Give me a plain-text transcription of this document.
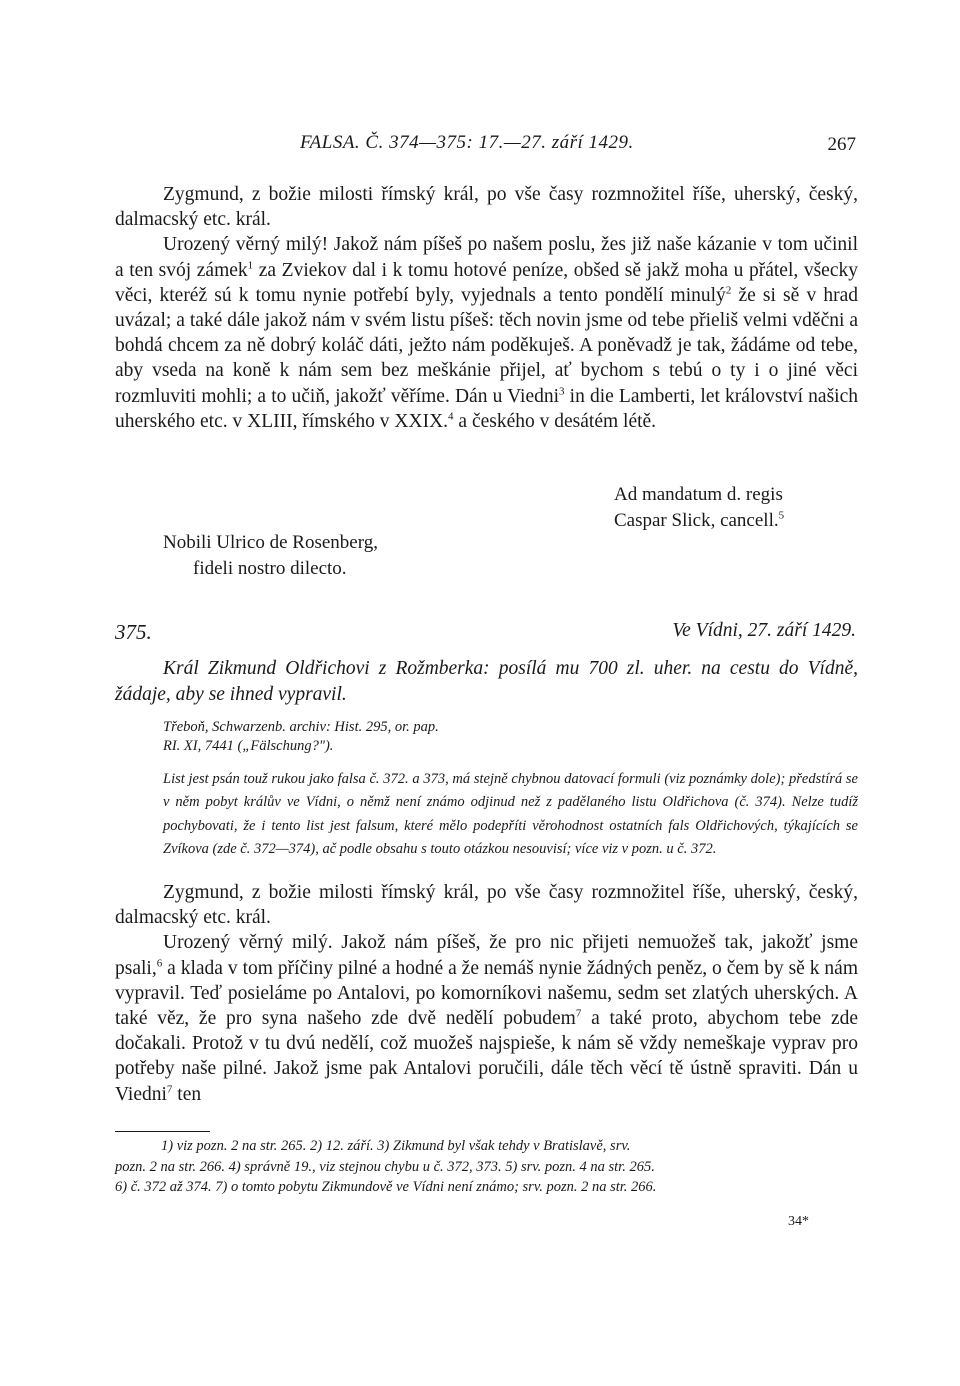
FALSA. Č. 374—375: 17.—27. září 1429.	267

Zygmund, z božie milosti římský král, po vše časy rozmnožitel říše, uherský, český, dalmacský etc. král.

Urozený věrný milý! Jakož nám píšeš po našem poslu, žes již naše kázanie v tom učinil a ten svój zámek$^1$ za Zviekov dal i k tomu hotové peníze, obšed sě jakž moha u přátel, všecky věci, kteréž sú k tomu nynie potřebí byly, vyjednals a tento pondělí minulý$^2$ že si sě v hrad uvázal; a také dále jakož nám v svém listu píšeš: těch novin jsme od tebe přieliš velmi vděčni a bohdá chcem za ně dobrý koláč dáti, ježto nám poděkuješ. A poněvadž je tak, žádáme od tebe, aby vseda na koně k nám sem bez meškánie přijel, ať bychom s tebú o ty i o jiné věci rozmluviti mohli; a to učiň, jakožť věříme. Dán u Viedni$^3$ in die Lamberti, let království našich uherského etc. v XLIII, římského v XXIX.$^4$ a českého v desátém létě.

Ad mandatum d. regis
Caspar Slick, cancell.$^5$
Nobili Ulrico de Rosenberg,
fideli nostro dilecto.
375.	Ve Vídni, 27. září 1429.

Král Zikmund Oldřichovi z Rožmberka: posílá mu 700 zl. uher. na cestu do Vídně, žádaje, aby se ihned vypravil.

Třeboň, Schwarzenb. archiv: Hist. 295, or. pap.
RI. XI, 7441 („Fälschung?").

List jest psán touž rukou jako falsa č. 372. a 373, má stejně chybnou datovací formuli (viz poznámky dole); předstírá se v něm pobyt králův ve Vídni, o němž není známo odjinud než z padělaného listu Oldřichova (č. 374). Nelze tudíž pochybovati, že i tento list jest falsum, které mělo podepříti věrohodnost ostatních fals Oldřichových, týkajících se Zvíkova (zde č. 372—374), ač podle obsahu s touto otázkou nesouvisí; více viz v pozn. u č. 372.

Zygmund, z božie milosti římský král, po vše časy rozmnožitel říše, uherský, český, dalmacský etc. král.

Urozený věrný milý. Jakož nám píšeš, že pro nic přijeti nemuožeš tak, jakožť jsme psali,$^6$ a klada v tom příčiny pilné a hodné a že nemáš nynie žádných peněz, o čem by sě k nám vypravil. Teď posieláme po Antalovi, po komorníkovi našemu, sedm set zlatých uherských. A také věz, že pro syna našeho zde dvě nedělí pobudem$^7$ a také proto, abychom tebe zde dočakali. Protož v tu dvú nedělí, což muožeš najspieše, k nám sě vždy nemeškaje vyprav pro potřeby naše pilné. Jakož jsme pak Antalovi poručili, dále těch věcí tě ústně spraviti. Dán u Viedni$^7$ ten

1) viz pozn. 2 na str. 265. 2) 12. září. 3) Zikmund byl však tehdy v Bratislavě, srv.
pozn. 2 na str. 266. 4) správně 19., viz stejnou chybu u č. 372, 373. 5) srv. pozn. 4 na str. 265.
6) č. 372 až 374. 7) o tomto pobytu Zikmundově ve Vídni není známo; srv. pozn. 2 na str. 266.
34*
